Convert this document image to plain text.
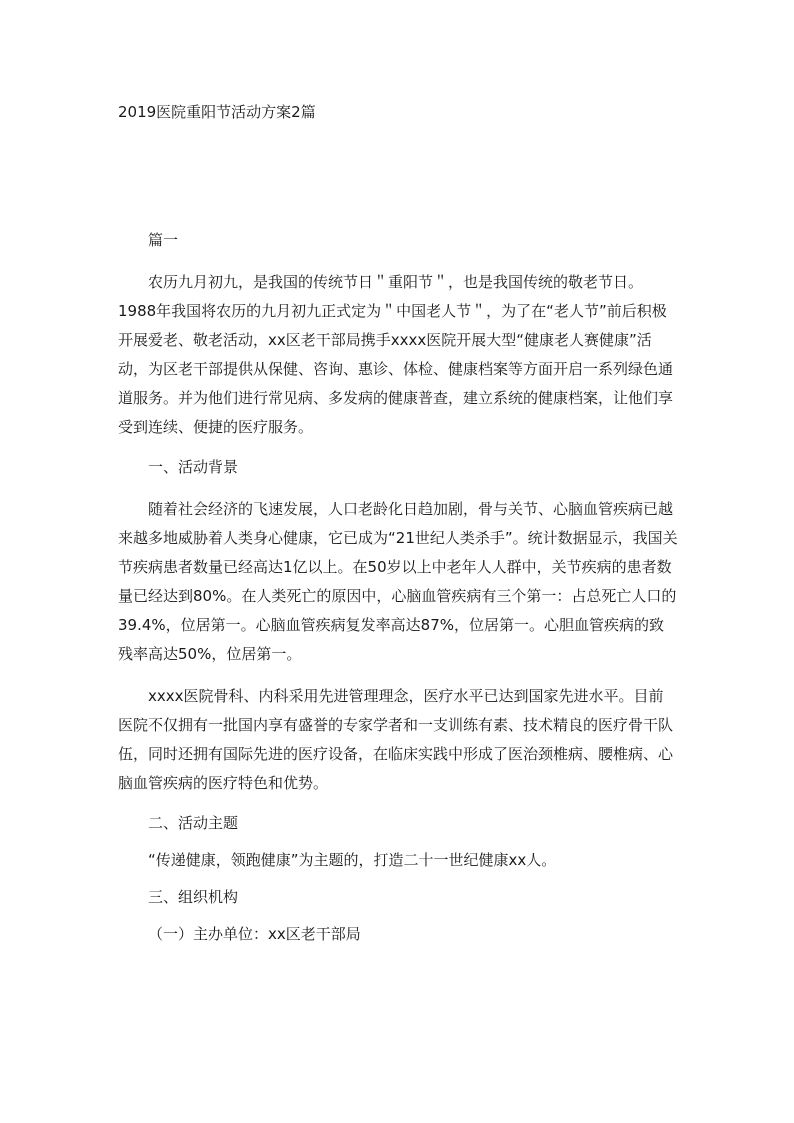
2019医院重阳节活动方案2篇

篇一

农历九月初九，是我国的传统节日＂重阳节＂，也是我国传统的敬老节日。1988年我国将农历的九月初九正式定为＂中国老人节＂，为了在“老人节”前后积极开展爱老、敬老活动，xx区老干部局携手xxxx医院开展大型“健康老人赛健康”活动，为区老干部提供从保健、咨询、惠诊、体检、健康档案等方面开启一系列绿色通道服务。并为他们进行常见病、多发病的健康普查，建立系统的健康档案，让他们享受到连续、便捷的医疗服务。

一、活动背景

随着社会经济的飞速发展，人口老龄化日趋加剧，骨与关节、心脑血管疾病已越来越多地威胁着人类身心健康，它已成为“21世纪人类杀手”。统计数据显示，我国关节疾病患者数量已经高达1亿以上。在50岁以上中老年人人群中，关节疾病的患者数量已经达到80%。在人类死亡的原因中，心脑血管疾病有三个第一：占总死亡人口的39.4%，位居第一。心脑血管疾病复发率高达87%，位居第一。心胆血管疾病的致残率高达50%，位居第一。

xxxx医院骨科、内科采用先进管理理念，医疗水平已达到国家先进水平。目前医院不仅拥有一批国内享有盛誉的专家学者和一支训练有素、技术精良的医疗骨干队伍，同时还拥有国际先进的医疗设备，在临床实践中形成了医治颈椎病、腰椎病、心脑血管疾病的医疗特色和优势。

二、活动主题

“传递健康，领跑健康”为主题的，打造二十一世纪健康xx人。

三、组织机构

（一）主办单位：xx区老干部局
